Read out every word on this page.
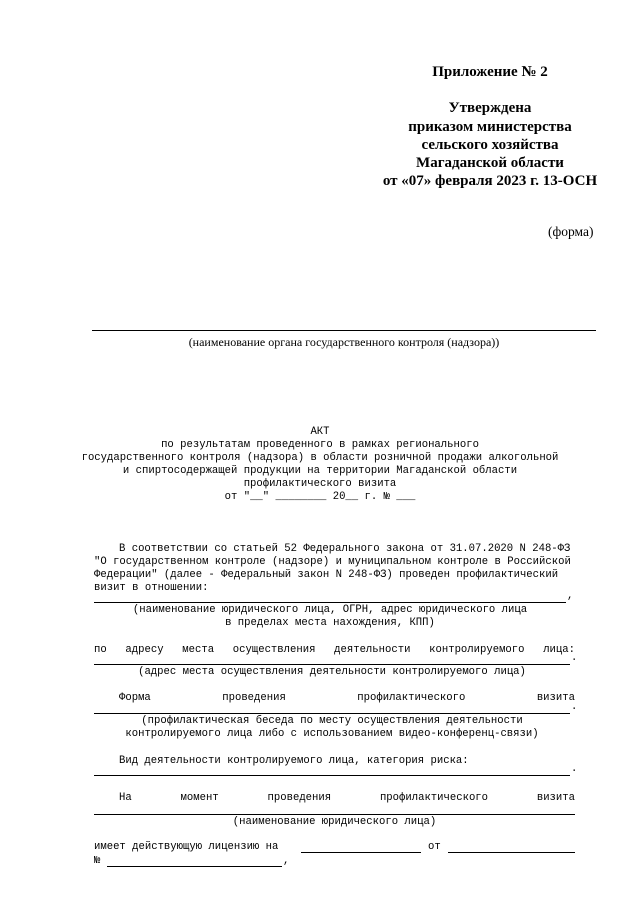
Приложение № 2
Утверждена
приказом министерства
сельского хозяйства
Магаданской области
от «07» февраля 2023 г. 13-ОСН
(форма)
(наименование органа государственного контроля (надзора))
АКТ
по результатам проведенного в рамках регионального
государственного контроля (надзора) в области розничной продажи алкогольной
и спиртосодержащей продукции на территории Магаданской области
профилактического визита
от "__" ________ 20__ г. № ___
В соответствии со статьей 52 Федерального закона от 31.07.2020 N 248-ФЗ
"О государственном контроле (надзоре) и муниципальном контроле в Российской
Федерации" (далее - Федеральный закон N 248-ФЗ) проведен профилактический
визит в отношении:
,
(наименование юридического лица, ОГРН, адрес юридического лица
в пределах места нахождения, КПП)
по адресу места осуществления деятельности контролируемого лица:
.
(адрес места осуществления деятельности контролируемого лица)
Форма	проведения	профилактического	визита
.
(профилактическая беседа по месту осуществления деятельности
контролируемого лица либо с использованием видео-конференц-связи)
Вид деятельности контролируемого лица, категория риска:
.
На	момент	проведения	профилактического	визита
(наименование юридического лица)
имеет действующую лицензию на	от
№	,
